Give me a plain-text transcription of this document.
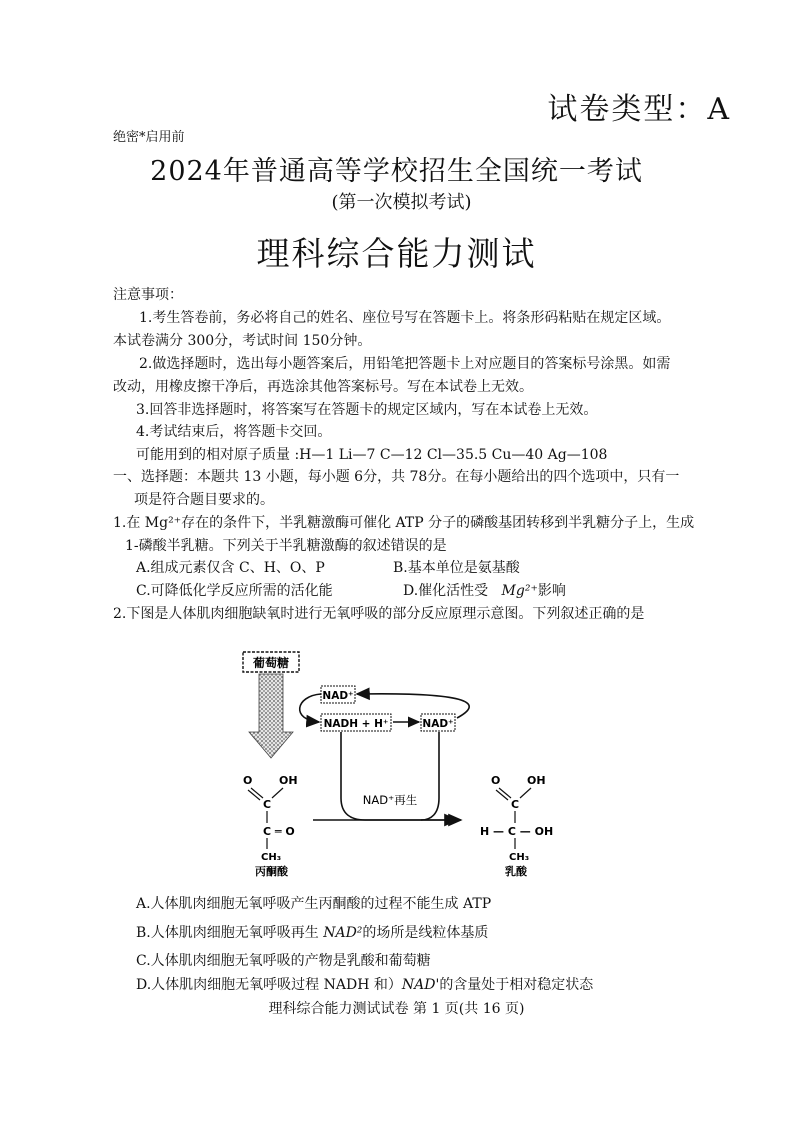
试卷类型：A
绝密*启用前
2024年普通高等学校招生全国统一考试
(第一次模拟考试)
理科综合能力测试
注意事项：
1.考生答卷前，务必将自己的姓名、座位号写在答题卡上。将条形码粘贴在规定区域。
本试卷满分 300分，考试时间 150分钟。
2.做选择题时，选出每小题答案后，用铅笔把答题卡上对应题目的答案标号涂黑。如需
改动，用橡皮擦干净后，再选涂其他答案标号。写在本试卷上无效。
3.回答非选择题时，将答案写在答题卡的规定区域内，写在本试卷上无效。
4.考试结束后，将答题卡交回。
可能用到的相对原子质量 :H—1 Li—7 C—12 Cl—35.5 Cu—40 Ag—108
一、选择题：本题共 13 小题，每小题 6分，共 78分。在每小题给出的四个选项中，只有一
项是符合题目要求的。
1.在 Mg²⁺存在的条件下，半乳糖激酶可催化 ATP 分子的磷酸基团转移到半乳糖分子上，生成
1-磷酸半乳糖。下列关于半乳糖激酶的叙述错误的是
A.组成元素仅含 C、H、O、P	B.基本单位是氨基酸
C.可降低化学反应所需的活化能	D.催化活性受 Mg²⁺影响
2.下图是人体肌肉细胞缺氧时进行无氧呼吸的部分反应原理示意图。下列叙述正确的是
葡萄糖
NAD⁺
NADH + H⁺	NAD⁺
NAD⁺再生
O OH
C
C ═ O
CH₃
丙酮酸
O OH
C
H — C — OH
CH₃
乳酸
A.人体肌肉细胞无氧呼吸产生丙酮酸的过程不能生成 ATP
B.人体肌肉细胞无氧呼吸再生 NAD²的场所是线粒体基质
C.人体肌肉细胞无氧呼吸的产物是乳酸和葡萄糖
D.人体肌肉细胞无氧呼吸过程 NADH 和）NAD'的含量处于相对稳定状态
理科综合能力测试试卷 第 1 页(共 16 页)
